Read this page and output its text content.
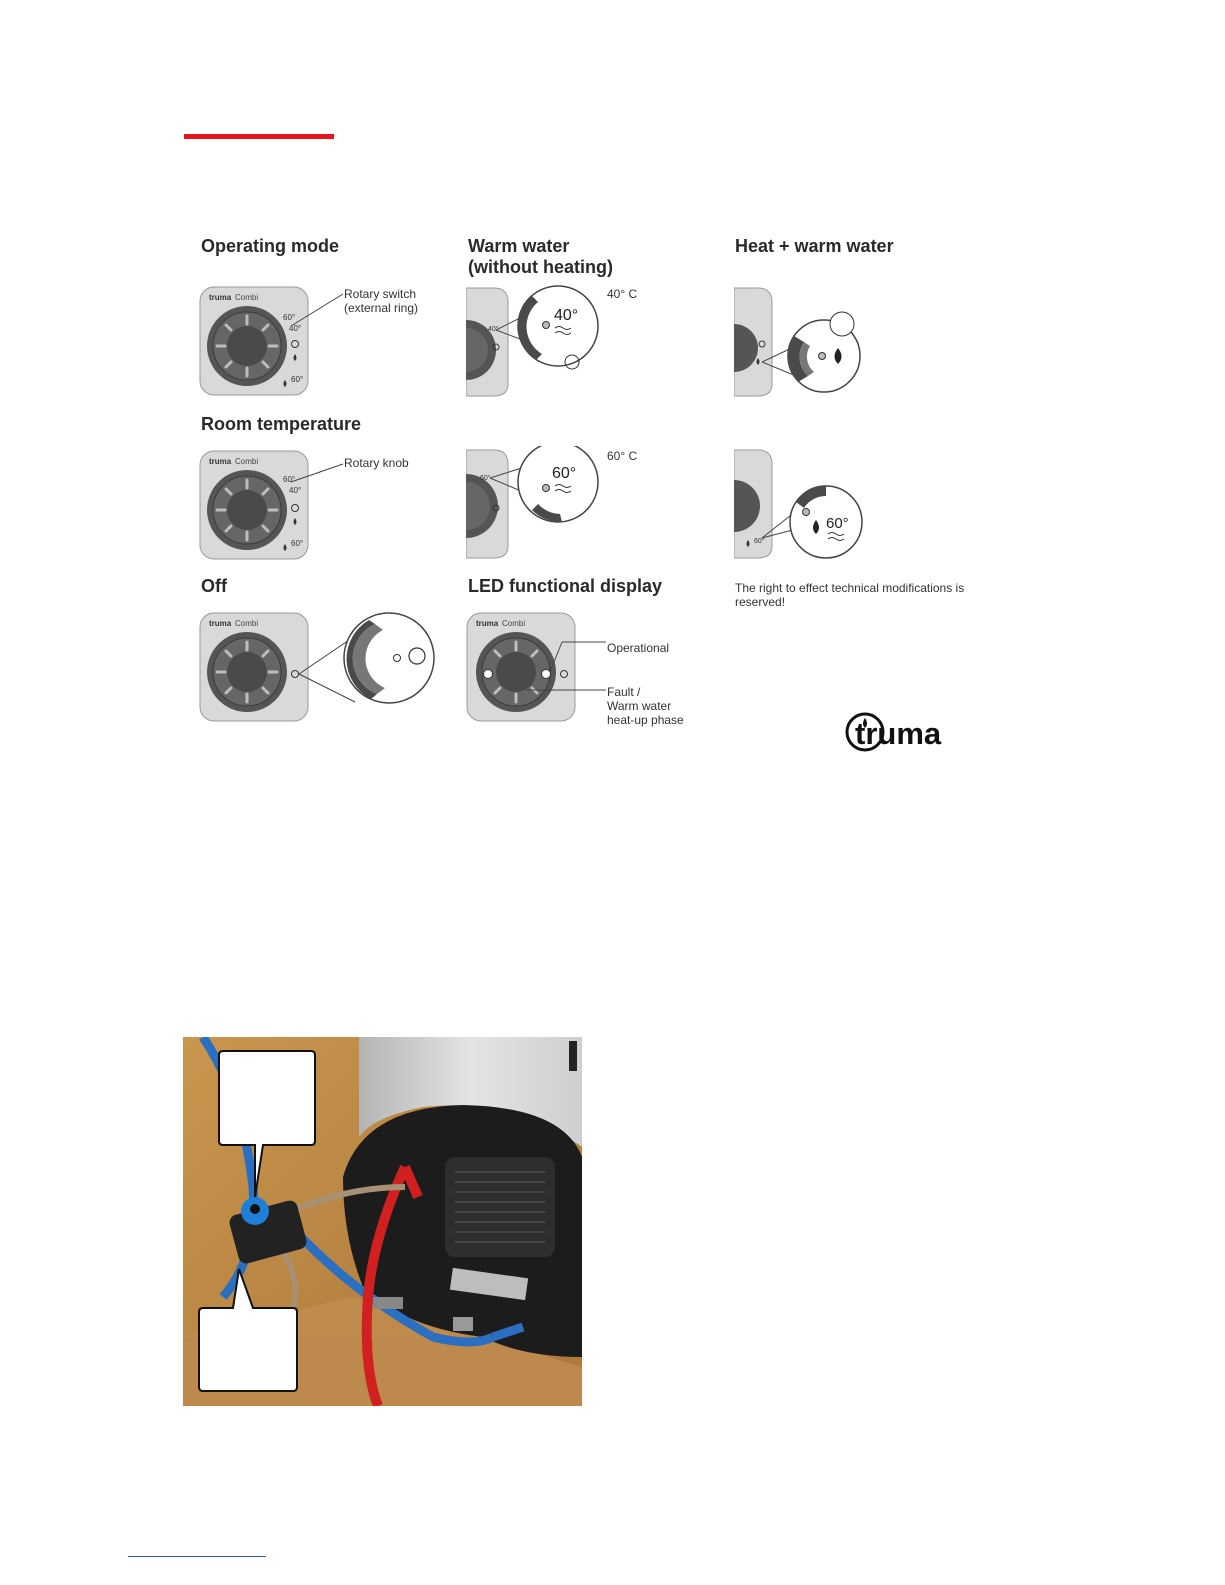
Operating mode	Warm water
(without heating)
Heat + warm water
Room temperature
Off	LED functional display
Rotary switch
(external ring)
Rotary knob
40° C
60° C
Operational
Fault /
Warm water
heat-up phase
truma Combi
60°
40°
60°
truma Combi
60°
40°
60°
truma Combi
40°
40°
60°	60°
truma Combi
60°
60°
The right to effect technical modifications is reserved!
truma
